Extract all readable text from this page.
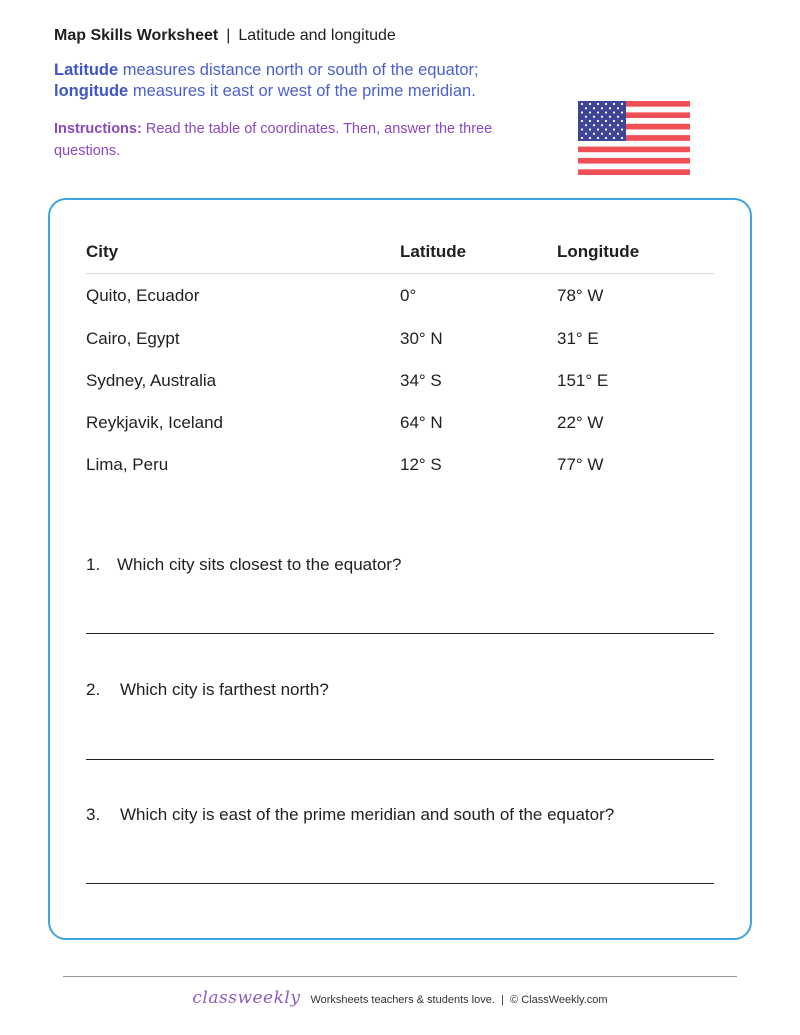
Map Skills Worksheet | Latitude and longitude
Latitude measures distance north or south of the equator;
longitude measures it east or west of the prime meridian.
Instructions: Read the table of coordinates. Then, answer the three questions.
City	Latitude	Longitude
Quito, Ecuador	0°	78° W
Cairo, Egypt	30° N	31° E
Sydney, Australia	34° S	151° E
Reykjavik, Iceland	64° N	22° W
Lima, Peru	12° S	77° W
1. Which city sits closest to the equator?
2. Which city is farthest north?
3. Which city is east of the prime meridian and south of the equator?
classweekly Worksheets teachers & students love. | © ClassWeekly.com
